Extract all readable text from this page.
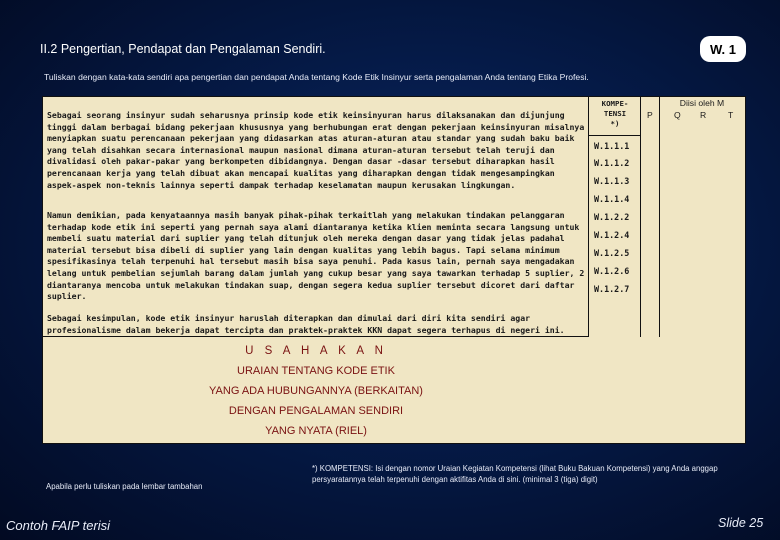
II.2 Pengertian, Pendapat dan Pengalaman Sendiri.	W. 1
Tuliskan dengan kata-kata sendiri apa pengertian dan pendapat Anda tentang Kode Etik Insinyur serta pengalaman Anda tentang Etika Profesi.

Sebagai seorang insinyur sudah seharusnya prinsip kode etik keinsinyuran harus dilaksanakan dan dijunjung tinggi dalam berbagai bidang pekerjaan khususnya yang berhubungan erat dengan pekerjaan keinsinyuran misalnya menyiapkan suatu perencanaan pekerjaan yang didasarkan atas aturan-aturan atau standar yang sudah baku baik yang telah disahkan secara internasional maupun nasional dimana aturan-aturan tersebut telah teruji dan divalidasi oleh pakar-pakar yang berkompeten dibidangnya. Dengan dasar -dasar tersebut diharapkan hasil perencanaan kerja yang telah dibuat akan mencapai kualitas yang diharapkan dengan tidak mengesampingkan aspek-aspek non-teknis lainnya seperti dampak terhadap keselamatan maupun kerusakan lingkungan.

Namun demikian, pada kenyataannya masih banyak pihak-pihak terkaitlah yang melakukan tindakan pelanggaran terhadap kode etik ini seperti yang pernah saya alami diantaranya ketika klien meminta secara langsung untuk membeli suatu material dari suplier yang telah ditunjuk oleh mereka dengan dasar yang tidak jelas padahal material tersebut bisa dibeli di suplier yang lain dengan kualitas yang lebih bagus. Tapi selama minimum spesifikasinya telah terpenuhi hal tersebut masih bisa saya penuhi. Pada kasus lain, pernah saya mengadakan lelang untuk pembelian sejumlah barang dalam jumlah yang cukup besar yang saya tawarkan terhadap 5 suplier, 2 diantaranya mencoba untuk melakukan tindakan suap, dengan segera kedua suplier tersebut dicoret dari daftar suplier.

Sebagai kesimpulan, kode etik insinyur haruslah diterapkan dan dimulai dari diri kita sendiri agar profesionalisme dalam bekerja dapat tercipta dan praktek-praktek KKN dapat segera terhapus di negeri ini.

KOMPE-
TENSI
*)
W.1.1.1
W.1.1.2
W.1.1.3
W.1.1.4
W.1.2.2
W.1.2.4
W.1.2.5
W.1.2.6
W.1.2.7
Diisi oleh M
P Q R	T
U S A H A K A N
URAIAN TENTANG KODE ETIK
YANG ADA HUBUNGANNYA (BERKAITAN)
DENGAN PENGALAMAN SENDIRI
YANG NYATA (RIEL)
Apabila perlu tuliskan pada lembar tambahan
*) KOMPETENSI: Isi dengan nomor Uraian Kegiatan Kompetensi (lihat Buku Bakuan Kompetensi) yang Anda anggap persyaratannya telah terpenuhi dengan aktifitas Anda di sini. (minimal 3 (tiga) digit)
Contoh FAIP terisi	Slide 25
